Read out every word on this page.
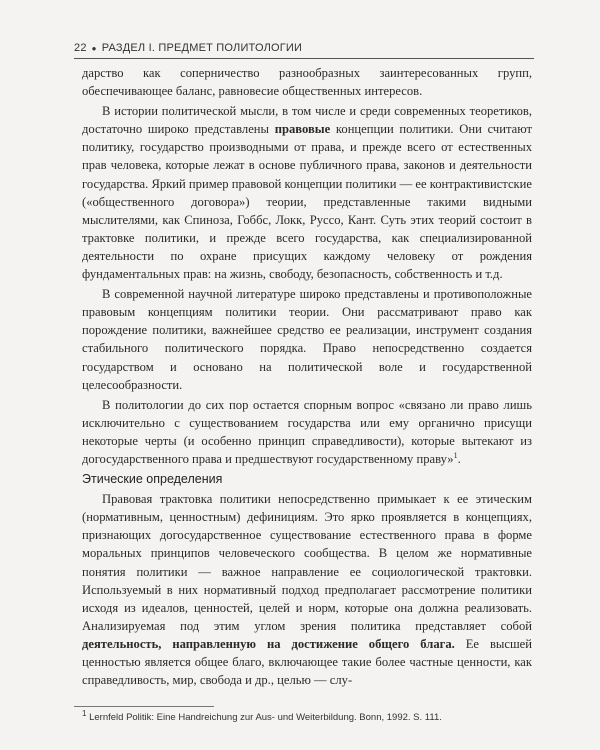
22 ● РАЗДЕЛ I. ПРЕДМЕТ ПОЛИТОЛОГИИ

дарство как соперничество разнообразных заинтересованных групп, обеспечивающее баланс, равновесие общественных интересов.

В истории политической мысли, в том числе и среди современных теоретиков, достаточно широко представлены правовые концепции политики. Они считают политику, государство производными от права, и прежде всего от естественных прав человека, которые лежат в основе публичного права, законов и деятельности государства. Яркий пример правовой концепции политики — ее контрактивистские («общественного договора») теории, представленные такими видными мыслителями, как Спиноза, Гоббс, Локк, Руссо, Кант. Суть этих теорий состоит в трактовке политики, и прежде всего государства, как специализированной деятельности по охране присущих каждому человеку от рождения фундаментальных прав: на жизнь, свободу, безопасность, собственность и т.д.

В современной научной литературе широко представлены и противоположные правовым концепциям политики теории. Они рассматривают право как порождение политики, важнейшее средство ее реализации, инструмент создания стабильного политического порядка. Право непосредственно создается государством и основано на политической воле и государственной целесообразности.

В политологии до сих пор остается спорным вопрос «связано ли право лишь исключительно с существованием государства или ему органично присущи некоторые черты (и особенно принцип справедливости), которые вытекают из догосударственного права и предшествуют государственному праву»$^1$.

Этические определения

Правовая трактовка политики непосредственно примыкает к ее этическим (нормативным, ценностным) дефинициям. Это ярко проявляется в концепциях, признающих догосударственное существование естественного права в форме моральных принципов человеческого сообщества. В целом же нормативные понятия политики — важное направление ее социологической трактовки. Используемый в них нормативный подход предполагает рассмотрение политики исходя из идеалов, ценностей, целей и норм, которые она должна реализовать. Анализируемая под этим углом зрения политика представляет собой деятельность, направленную на достижение общего блага. Ее высшей ценностью является общее благо, включающее такие более частные ценности, как справедливость, мир, свобода и др., целью — слу-

$^1$ Lernfeld Politik: Eine Handreichung zur Aus- und Weiterbildung. Bonn, 1992. S. 111.
